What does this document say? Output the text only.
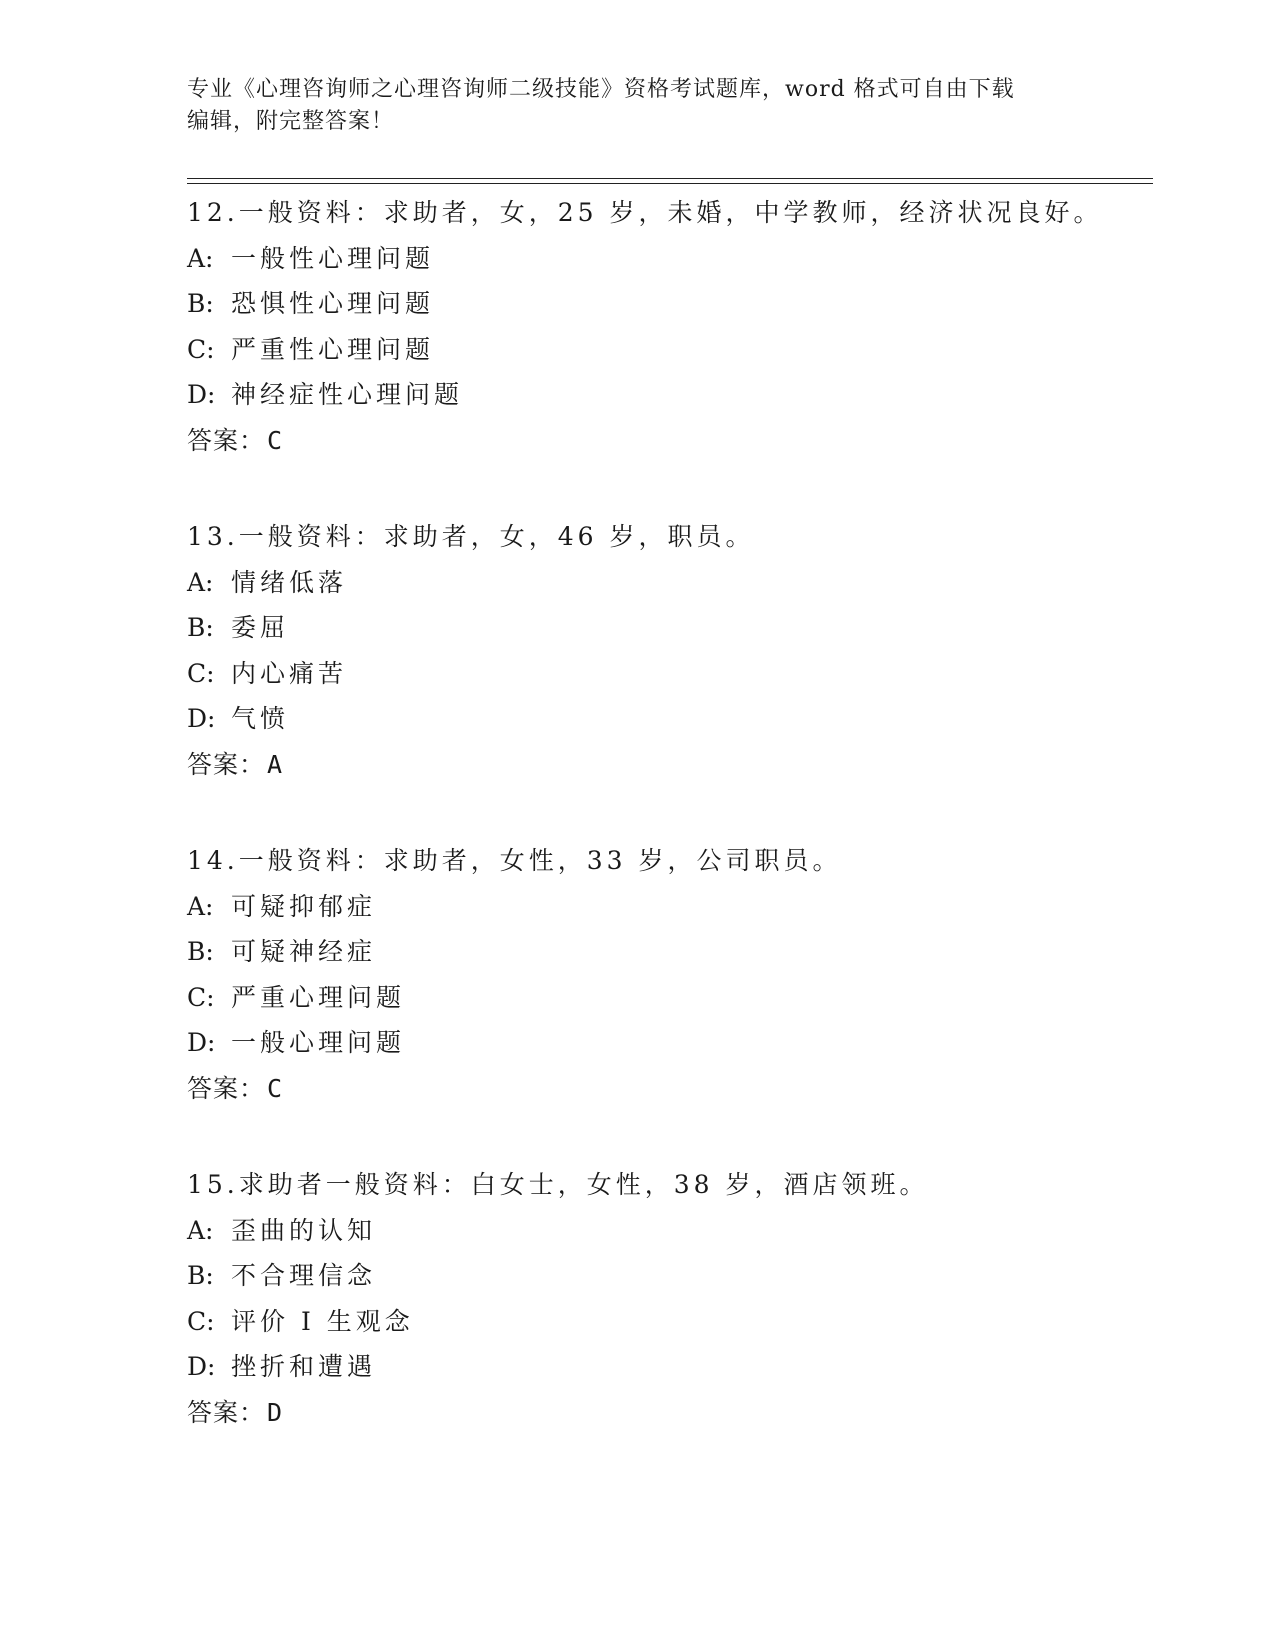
专业《心理咨询师之心理咨询师二级技能》资格考试题库，word 格式可自由下载
编辑，附完整答案！
12.一般资料：求助者，女，25 岁，未婚，中学教师，经济状况良好。
A: 一般性心理问题
B: 恐惧性心理问题
C: 严重性心理问题
D: 神经症性心理问题
答案：C
13.一般资料：求助者，女，46 岁，职员。
A: 情绪低落
B: 委屈
C: 内心痛苦
D: 气愤
答案：A
14.一般资料：求助者，女性，33 岁，公司职员。
A: 可疑抑郁症
B: 可疑神经症
C: 严重心理问题
D: 一般心理问题
答案：C
15.求助者一般资料：白女士，女性，38 岁，酒店领班。
A: 歪曲的认知
B: 不合理信念
C: 评价 I 生观念
D: 挫折和遭遇
答案：D
